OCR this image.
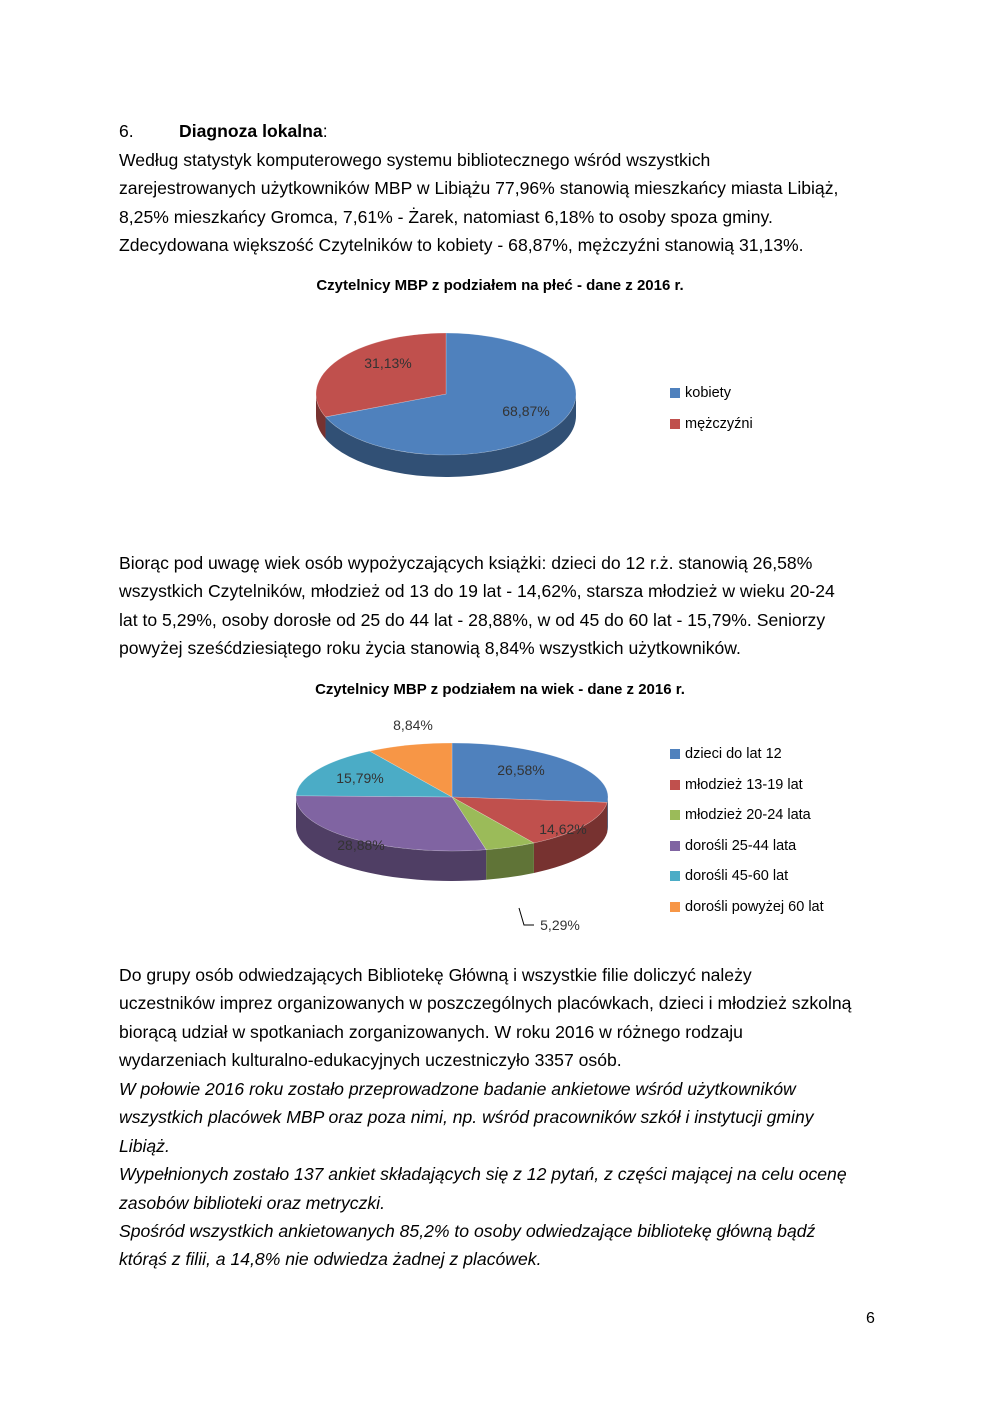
6.	Diagnoza lokalna:

Według statystyk komputerowego systemu bibliotecznego wśród wszystkich
zarejestrowanych użytkowników MBP w Libiążu 77,96% stanowią mieszkańcy miasta Libiąż,
8,25% mieszkańcy Gromca, 7,61% - Żarek, natomiast 6,18% to osoby spoza gminy.
Zdecydowana większość Czytelników to kobiety - 68,87%, mężczyźni stanowią 31,13%.

Czytelnicy MBP z podziałem na płeć - dane z 2016 r.

68,87%
31,13%
kobiety
mężczyźni
Biorąc pod uwagę wiek osób wypożyczających książki: dzieci do 12 r.ż. stanowią 26,58%
wszystkich Czytelników, młodzież od 13 do 19 lat - 14,62%, starsza młodzież w wieku 20-24
lat to 5,29%, osoby dorosłe od 25 do 44 lat - 28,88%, w od 45 do 60 lat - 15,79%. Seniorzy
powyżej sześćdziesiątego roku życia stanowią 8,84% wszystkich użytkowników.

Czytelnicy MBP z podziałem na wiek - dane z 2016 r.

26,58%
14,62%
5,29%
28,88%
15,79%
8,84%
dzieci do lat 12
młodzież 13-19 lat
młodzież 20-24 lata
dorośli 25-44 lata
dorośli 45-60 lat
dorośli powyżej 60 lat
Do grupy osób odwiedzających Bibliotekę Główną i wszystkie filie doliczyć należy
uczestników imprez organizowanych w poszczególnych placówkach, dzieci i młodzież szkolną
biorącą udział w spotkaniach zorganizowanych. W roku 2016 w różnego rodzaju
wydarzeniach kulturalno-edukacyjnych uczestniczyło 3357 osób.
W połowie 2016 roku zostało przeprowadzone badanie ankietowe wśród użytkowników
wszystkich placówek MBP oraz poza nimi, np. wśród pracowników szkół i instytucji gminy
Libiąż.
Wypełnionych zostało 137 ankiet składających się z 12 pytań, z części mającej na celu ocenę
zasobów biblioteki oraz metryczki.
Spośród wszystkich ankietowanych 85,2% to osoby odwiedzające bibliotekę główną bądź
którąś z filii, a 14,8% nie odwiedza żadnej z placówek.
6
